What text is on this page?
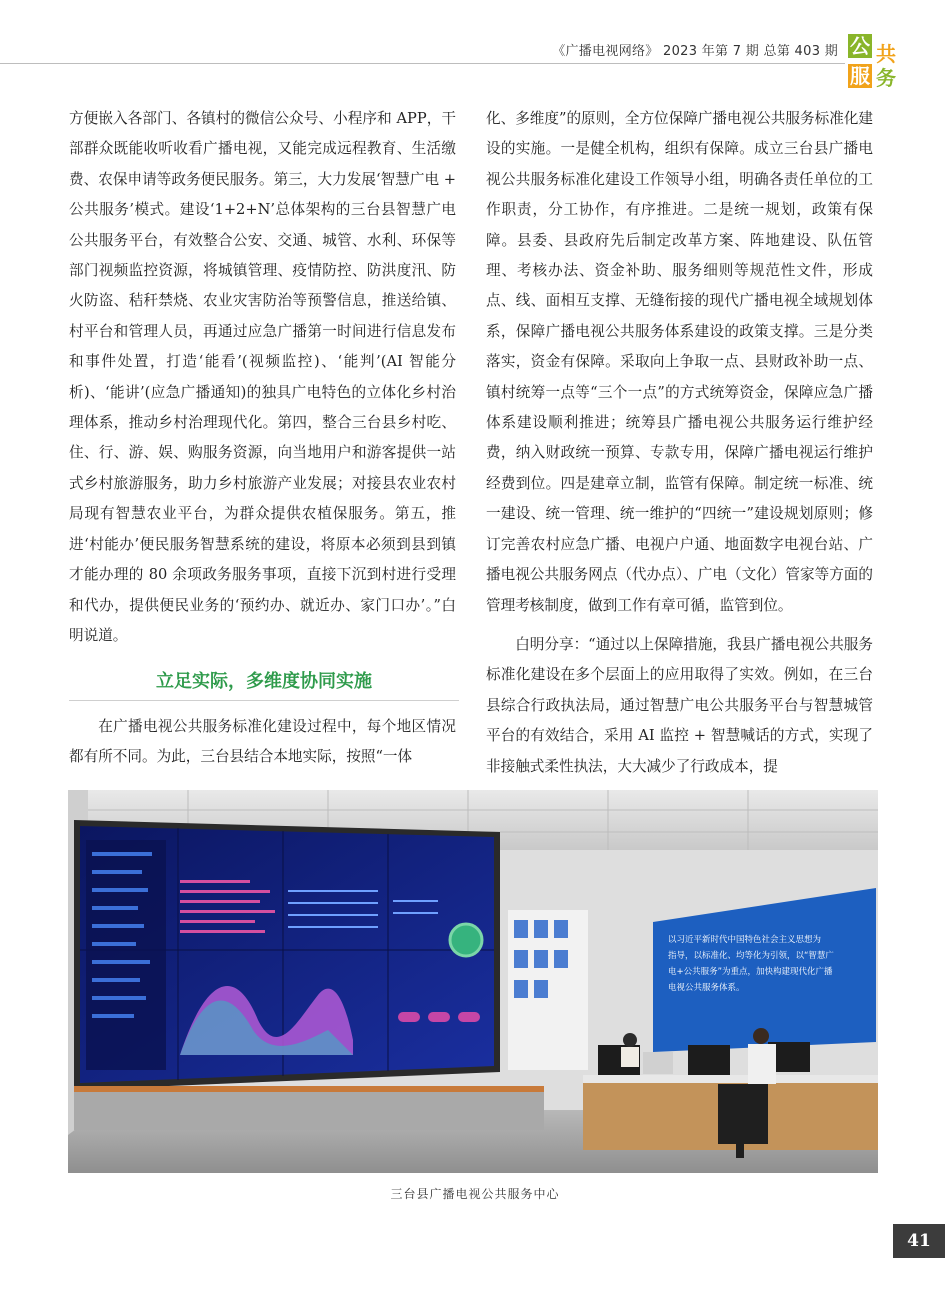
《广播电视网络》 2023 年第 7 期 总第 403 期 公 共
服 务

方便嵌入各部门、各镇村的微信公众号、小程序和 APP，干部群众既能收听收看广播电视，又能完成远程教育、生活缴费、农保申请等政务便民服务。第三，大力发展‘智慧广电 + 公共服务’模式。建设‘1+2+N’总体架构的三台县智慧广电公共服务平台，有效整合公安、交通、城管、水利、环保等部门视频监控资源，将城镇管理、疫情防控、防洪度汛、防火防盗、秸秆禁烧、农业灾害防治等预警信息，推送给镇、村平台和管理人员，再通过应急广播第一时间进行信息发布和事件处置，打造‘能看’(视频监控)、‘能判’(AI 智能分析)、‘能讲’(应急广播通知)的独具广电特色的立体化乡村治理体系，推动乡村治理现代化。第四，整合三台县乡村吃、住、行、游、娱、购服务资源，向当地用户和游客提供一站式乡村旅游服务，助力乡村旅游产业发展；对接县农业农村局现有智慧农业平台，为群众提供农植保服务。第五，推进‘村能办’便民服务智慧系统的建设，将原本必须到县到镇才能办理的 80 余项政务服务事项，直接下沉到村进行受理和代办，提供便民业务的‘预约办、就近办、家门口办’。”白明说道。

立足实际，多维度协同实施

在广播电视公共服务标准化建设过程中，每个地区情况都有所不同。为此，三台县结合本地实际，按照“一体

化、多维度”的原则，全方位保障广播电视公共服务标准化建设的实施。一是健全机构，组织有保障。成立三台县广播电视公共服务标准化建设工作领导小组，明确各责任单位的工作职责，分工协作，有序推进。二是统一规划，政策有保障。县委、县政府先后制定改革方案、阵地建设、队伍管理、考核办法、资金补助、服务细则等规范性文件，形成点、线、面相互支撑、无缝衔接的现代广播电视全域规划体系，保障广播电视公共服务体系建设的政策支撑。三是分类落实，资金有保障。采取向上争取一点、县财政补助一点、镇村统筹一点等“三个一点”的方式统筹资金，保障应急广播体系建设顺利推进；统筹县广播电视公共服务运行维护经费，纳入财政统一预算、专款专用，保障广播电视运行维护经费到位。四是建章立制，监管有保障。制定统一标准、统一建设、统一管理、统一维护的“四统一”建设规划原则；修订完善农村应急广播、电视户户通、地面数字电视台站、广播电视公共服务网点（代办点）、广电（文化）管家等方面的管理考核制度，做到工作有章可循，监管到位。

白明分享：“通过以上保障措施，我县广播电视公共服务标准化建设在多个层面上的应用取得了实效。例如，在三台县综合行政执法局，通过智慧广电公共服务平台与智慧城管平台的有效结合，采用 AI 监控 + 智慧喊话的方式，实现了非接触式柔性执法，大大减少了行政成本，提

以习近平新时代中国特色社会主义思想为
指导，以标准化、均等化为引领，以“智慧广
电+公共服务”为重点，加快构建现代化广播
电视公共服务体系。
三台县广播电视公共服务中心
41
